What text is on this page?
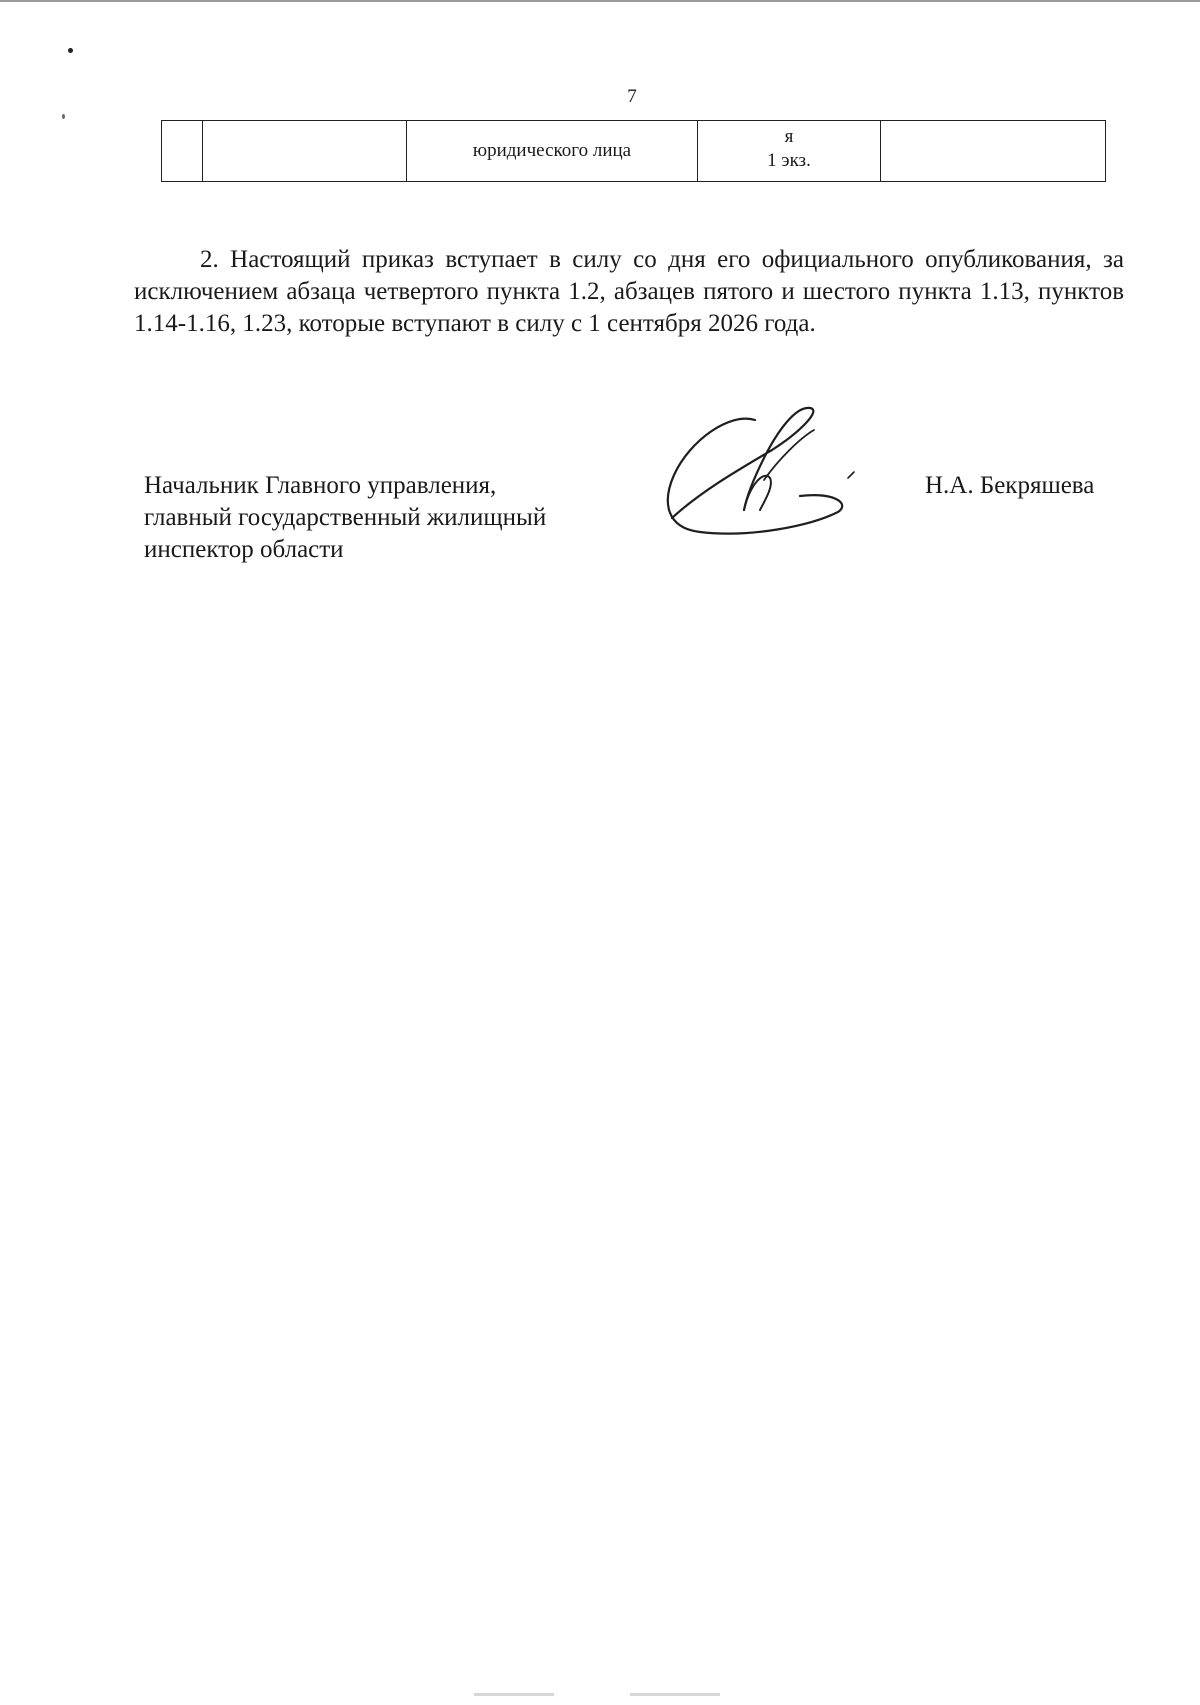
7
		юридического лица	
я
1 экз.

2. Настоящий приказ вступает в силу со дня его официального опубликования, за исключением абзаца четвертого пункта 1.2, абзацев пятого и шестого пункта 1.13, пунктов 1.14-1.16, 1.23, которые вступают в силу с 1 сентября 2026 года.

Начальник Главного управления,
главный государственный жилищный
инспектор области
Н.А. Бекряшева
